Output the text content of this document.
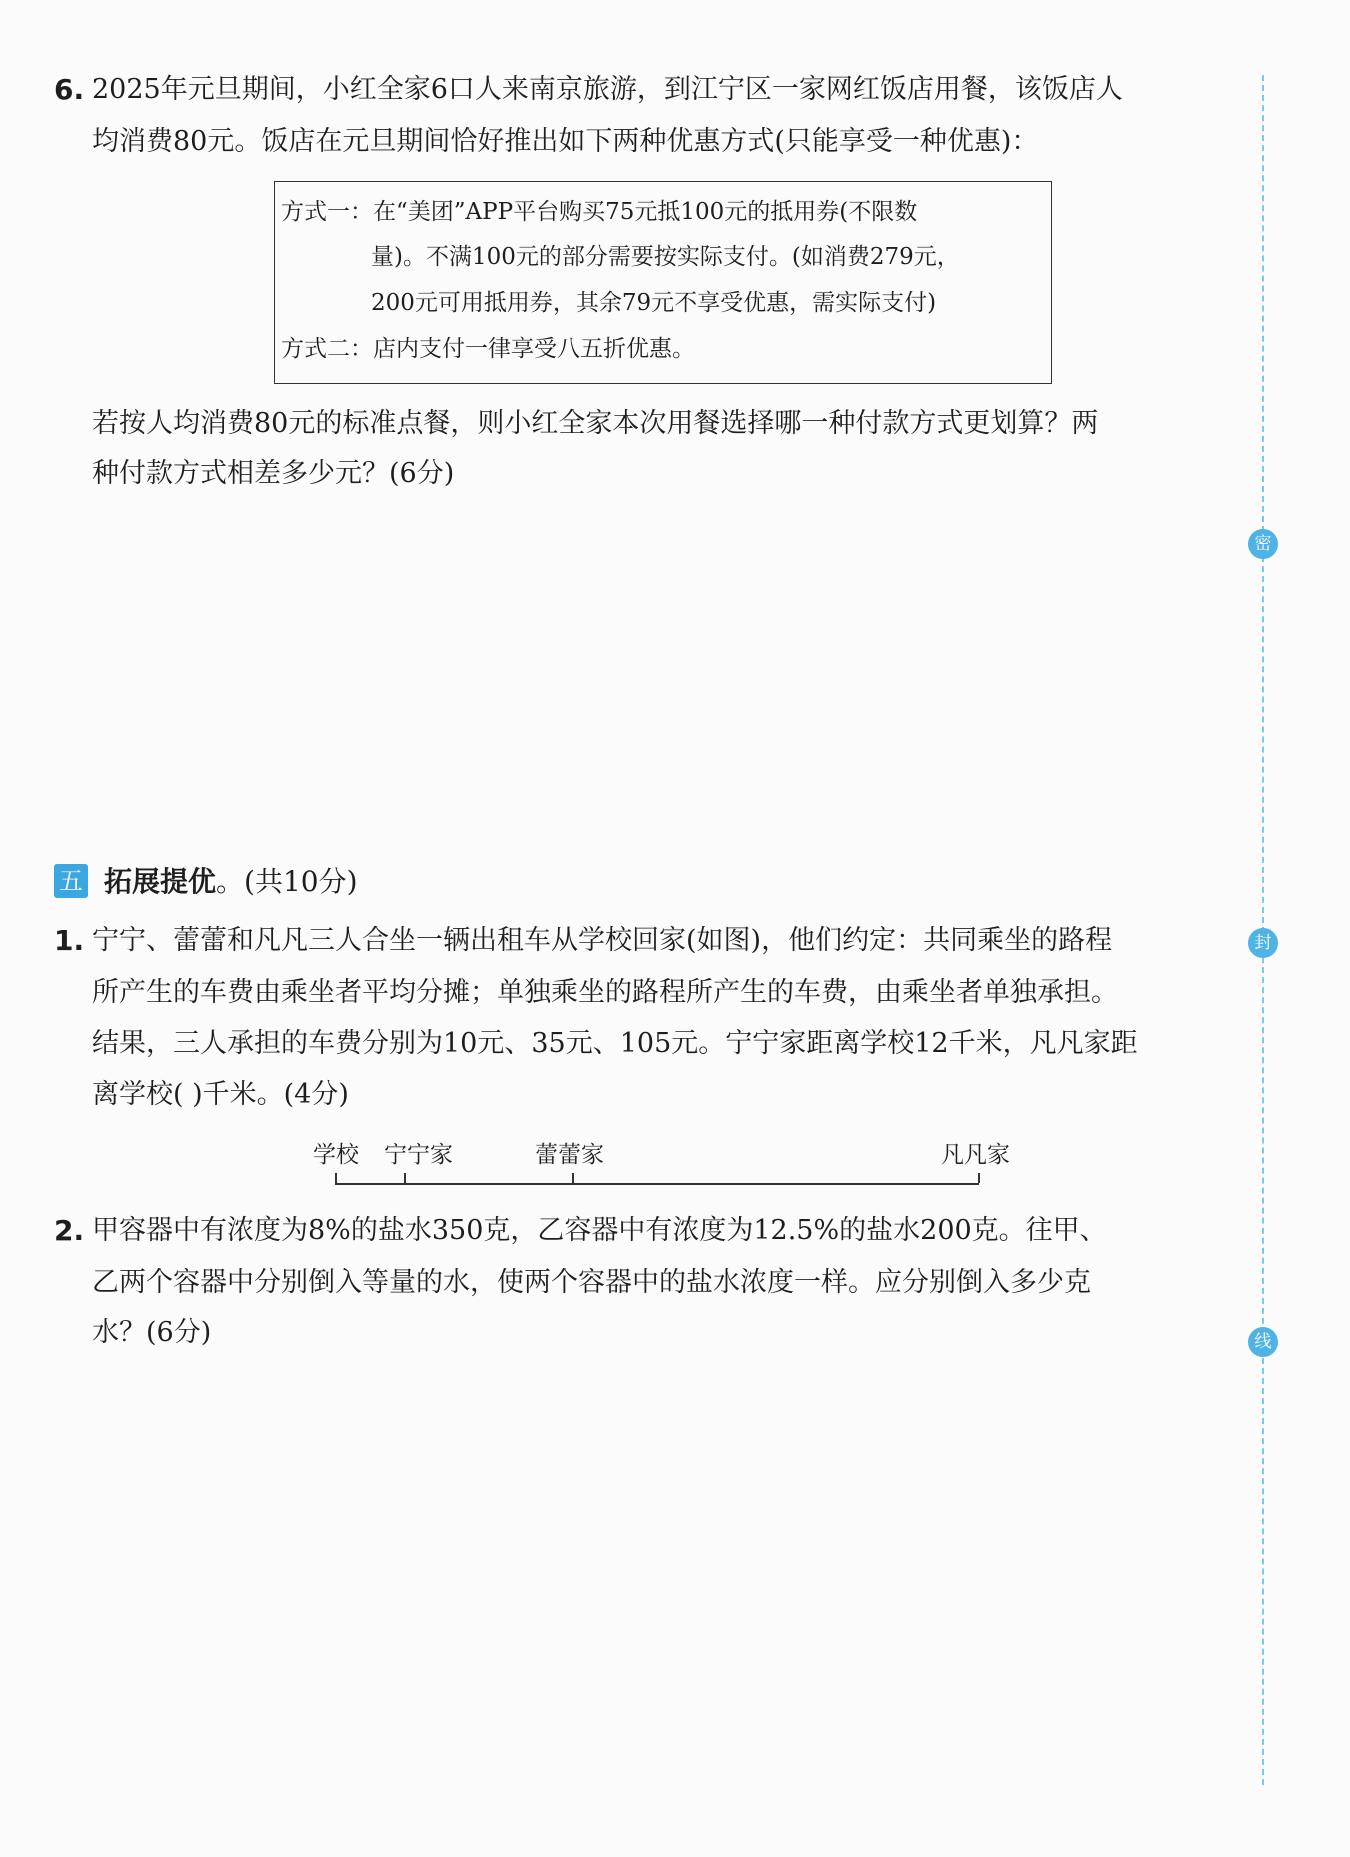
6. 2025年元旦期间，小红全家6口人来南京旅游，到江宁区一家网红饭店用餐，该饭店人
均消费80元。饭店在元旦期间恰好推出如下两种优惠方式(只能享受一种优惠)：
方式一：在“美团”APP平台购买75元抵100元的抵用券(不限数
量)。不满100元的部分需要按实际支付。(如消费279元，
200元可用抵用券，其余79元不享受优惠，需实际支付)
方式二：店内支付一律享受八五折优惠。
若按人均消费80元的标准点餐，则小红全家本次用餐选择哪一种付款方式更划算？两
种付款方式相差多少元？(6分)
五 拓展提优。(共10分)
1. 宁宁、蕾蕾和凡凡三人合坐一辆出租车从学校回家(如图)，他们约定：共同乘坐的路程
所产生的车费由乘坐者平均分摊；单独乘坐的路程所产生的车费，由乘坐者单独承担。
结果，三人承担的车费分别为10元、35元、105元。宁宁家距离学校12千米，凡凡家距
离学校( )千米。(4分)
学校 宁宁家	蕾蕾家	凡凡家
2. 甲容器中有浓度为8%的盐水350克，乙容器中有浓度为12.5%的盐水200克。往甲、
乙两个容器中分别倒入等量的水，使两个容器中的盐水浓度一样。应分别倒入多少克
水？(6分)
密
封
线
